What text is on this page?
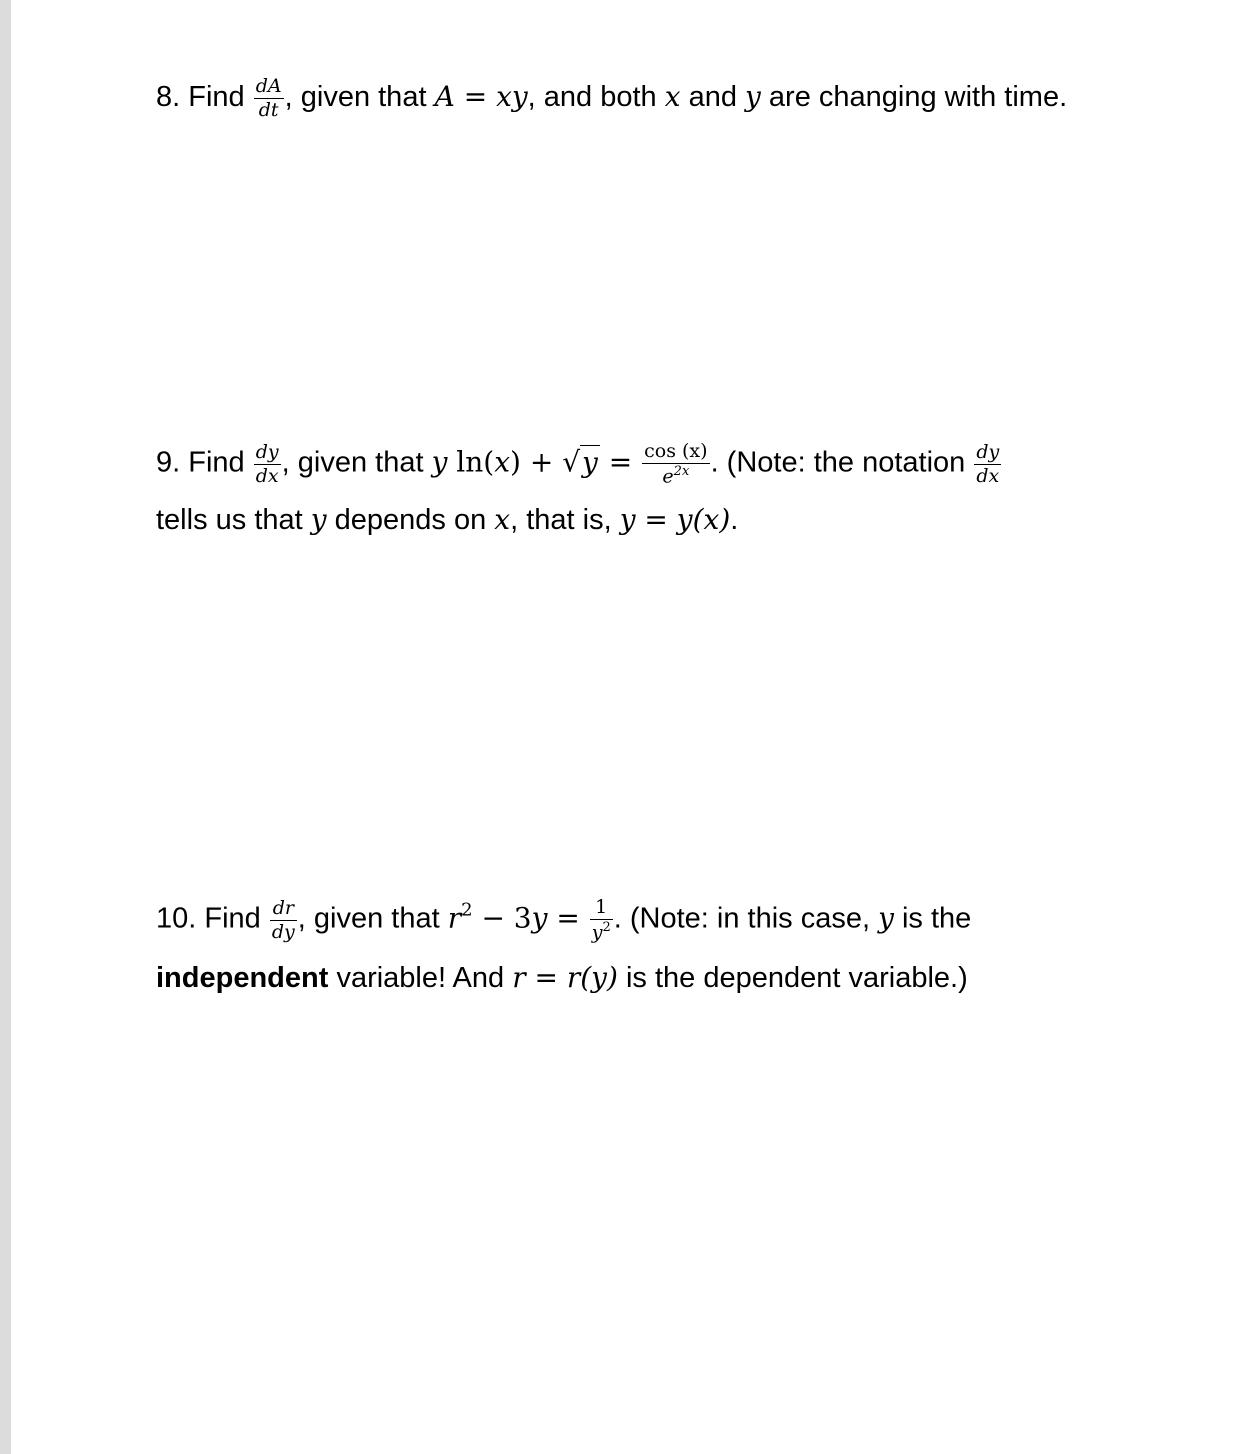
8. Find $\frac{dA}{dt}$ , given that A = xy, and both x and y are changing with time.
9. Find $\frac{dy}{dx}$ , given that y $\ln(x) + √y = \frac{\cos (x)}{e^{2x}}$ . (Note: the notation $\frac{dy}{dx}$
tells us that y depends on x, that is, y = y(x).
10. Find $\frac{dr}{dy}$ , given that $r^2 - 3y = \frac{1}{y^2}$ . (Note: in this case, y is the
independent variable! And r = r(y) is the dependent variable.)
